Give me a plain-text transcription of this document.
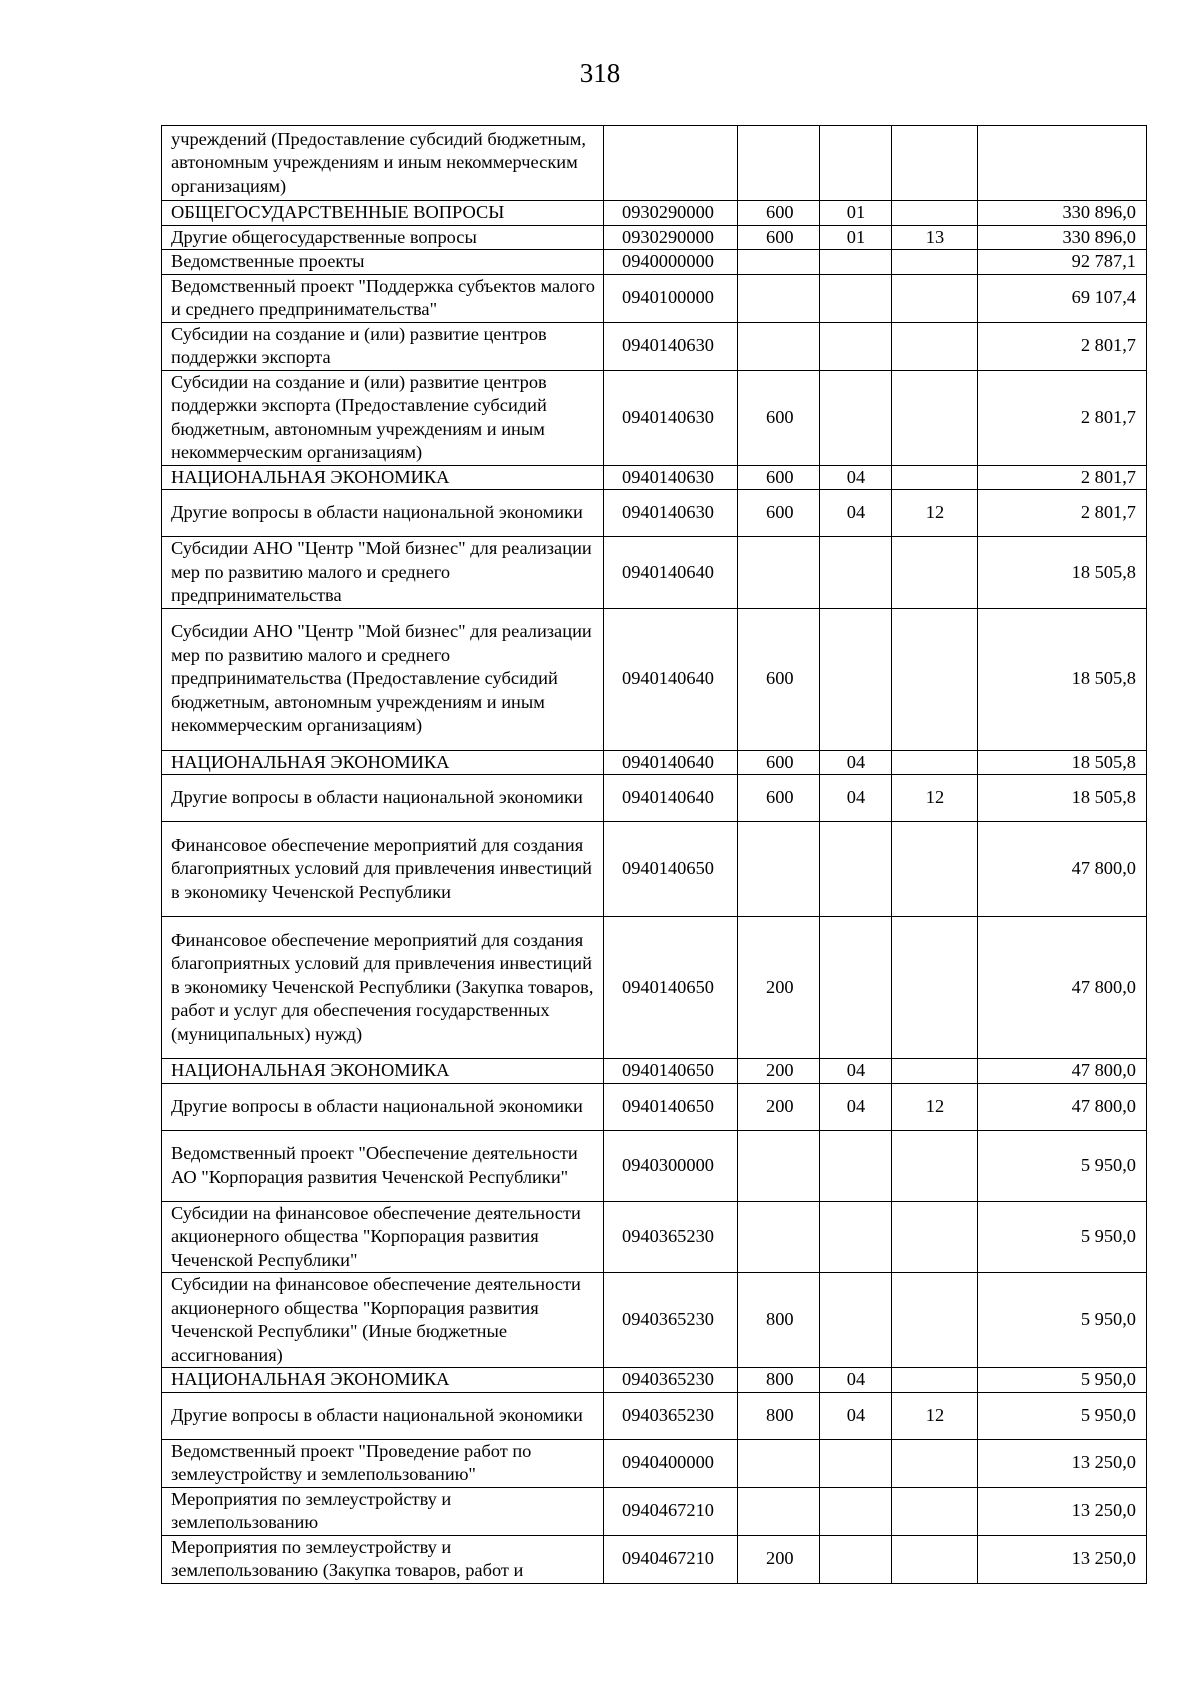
318
учреждений (Предоставление субсидий бюджетным, автономным учреждениям и иным некоммерческим организациям)					
ОБЩЕГОСУДАРСТВЕННЫЕ ВОПРОСЫ	0930290000	600	01		330 896,0
Другие общегосударственные вопросы	0930290000	600	01	13	330 896,0
Ведомственные проекты	0940000000				92 787,1
Ведомственный проект "Поддержка субъектов малого и среднего предпринимательства"	0940100000				69 107,4
Субсидии на создание и (или) развитие центров поддержки экспорта	0940140630				2 801,7
Субсидии на создание и (или) развитие центров поддержки экспорта (Предоставление субсидий бюджетным, автономным учреждениям и иным некоммерческим организациям)	0940140630	600			2 801,7
НАЦИОНАЛЬНАЯ ЭКОНОМИКА	0940140630	600	04		2 801,7
Другие вопросы в области национальной экономики	0940140630	600	04	12	2 801,7
Субсидии АНО "Центр "Мой бизнес" для реализации мер по развитию малого и среднего предпринимательства	0940140640				18 505,8
Субсидии АНО "Центр "Мой бизнес" для реализации мер по развитию малого и среднего предпринимательства (Предоставление субсидий бюджетным, автономным учреждениям и иным некоммерческим организациям)	0940140640	600			18 505,8
НАЦИОНАЛЬНАЯ ЭКОНОМИКА	0940140640	600	04		18 505,8
Другие вопросы в области национальной экономики	0940140640	600	04	12	18 505,8
Финансовое обеспечение мероприятий для создания благоприятных условий для привлечения инвестиций в экономику Чеченской Республики	0940140650				47 800,0
Финансовое обеспечение мероприятий для создания благоприятных условий для привлечения инвестиций в экономику Чеченской Республики (Закупка товаров, работ и услуг для обеспечения государственных (муниципальных) нужд)	0940140650	200			47 800,0
НАЦИОНАЛЬНАЯ ЭКОНОМИКА	0940140650	200	04		47 800,0
Другие вопросы в области национальной экономики	0940140650	200	04	12	47 800,0
Ведомственный проект "Обеспечение деятельности АО "Корпорация развития Чеченской Республики"	0940300000				5 950,0
Субсидии на финансовое обеспечение деятельности акционерного общества "Корпорация развития Чеченской Республики"	0940365230				5 950,0
Субсидии на финансовое обеспечение деятельности акционерного общества "Корпорация развития Чеченской Республики" (Иные бюджетные ассигнования)	0940365230	800			5 950,0
НАЦИОНАЛЬНАЯ ЭКОНОМИКА	0940365230	800	04		5 950,0
Другие вопросы в области национальной экономики	0940365230	800	04	12	5 950,0
Ведомственный проект "Проведение работ по землеустройству и землепользованию"	0940400000				13 250,0
Мероприятия по землеустройству и землепользованию	0940467210				13 250,0
Мероприятия по землеустройству и землепользованию (Закупка товаров, работ и	0940467210	200			13 250,0
